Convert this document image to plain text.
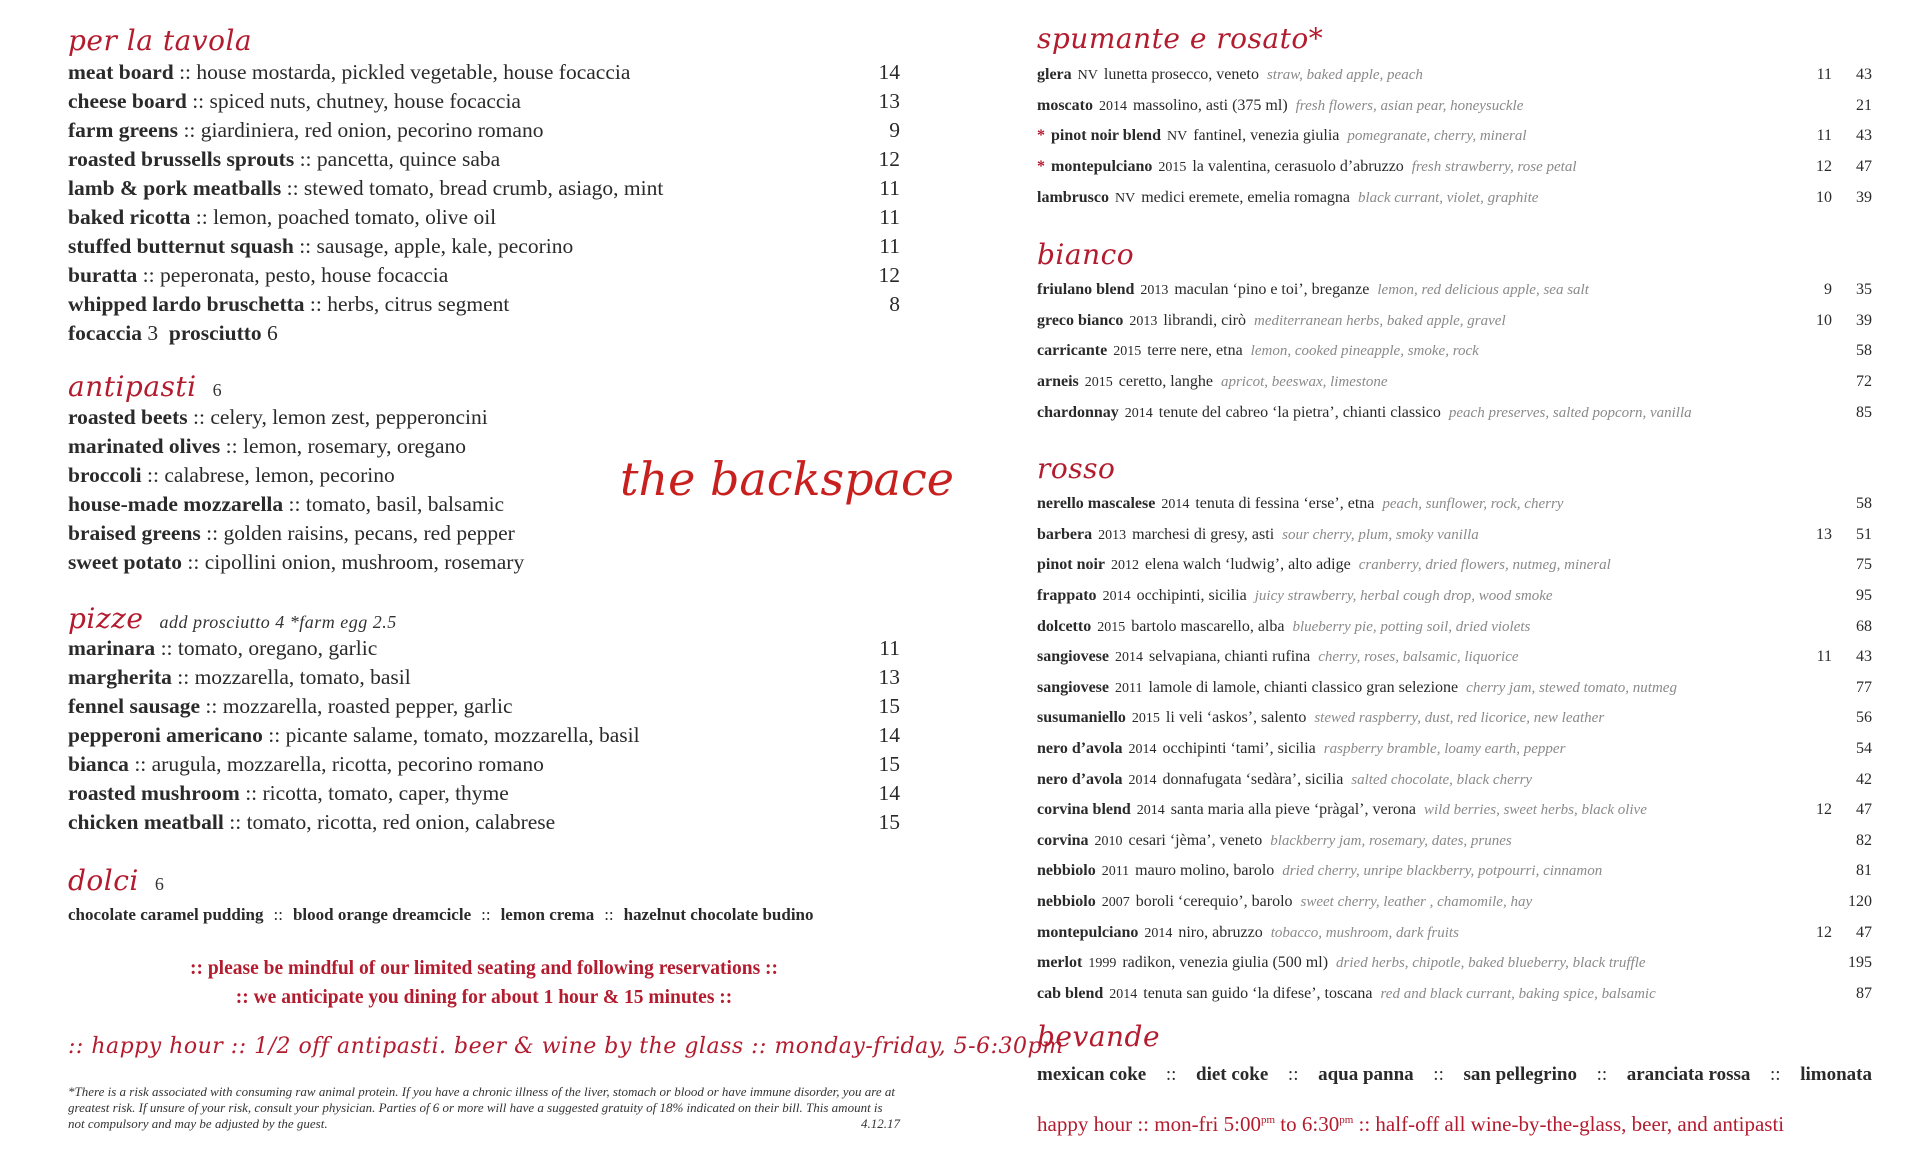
per la tavola
meat board :: house mostarda, pickled vegetable, house focaccia	14
cheese board :: spiced nuts, chutney, house focaccia	13
farm greens :: giardiniera, red onion, pecorino romano	9
roasted brussells sprouts :: pancetta, quince saba	12
lamb & pork meatballs :: stewed tomato, bread crumb, asiago, mint	11
baked ricotta :: lemon, poached tomato, olive oil	11
stuffed butternut squash :: sausage, apple, kale, pecorino	11
buratta :: peperonata, pesto, house focaccia	12
whipped lardo bruschetta :: herbs, citrus segment	8
focaccia 3 prosciutto 6
antipasti 6
roasted beets :: celery, lemon zest, pepperoncini
marinated olives :: lemon, rosemary, oregano
broccoli :: calabrese, lemon, pecorino
house-made mozzarella :: tomato, basil, balsamic
braised greens :: golden raisins, pecans, red pepper
sweet potato :: cipollini onion, mushroom, rosemary
pizze add prosciutto 4 *farm egg 2.5
marinara :: tomato, oregano, garlic	11
margherita :: mozzarella, tomato, basil	13
fennel sausage :: mozzarella, roasted pepper, garlic	15
pepperoni americano :: picante salame, tomato, mozzarella, basil	14
bianca :: arugula, mozzarella, ricotta, pecorino romano	15
roasted mushroom :: ricotta, tomato, caper, thyme	14
chicken meatball :: tomato, ricotta, red onion, calabrese	15
dolci 6
chocolate caramel pudding :: blood orange dreamcicle :: lemon crema :: hazelnut chocolate budino
the backspace
:: please be mindful of our limited seating and following reservations ::
:: we anticipate you dining for about 1 hour & 15 minutes ::
:: happy hour :: 1/2 off antipasti. beer & wine by the glass :: monday-friday, 5-6:30pm
*There is a risk associated with consuming raw animal protein. If you have a chronic illness of the liver, stomach or blood or have immune disorder, you are at greatest risk. If unsure of your risk, consult your physician. Parties of 6 or more will have a suggested gratuity of 18% indicated on their bill. This amount is not compulsory and may be adjusted by the guest.	4.12.17
spumante e rosato*
glera NV lunetta prosecco, veneto straw, baked apple, peach	11	43
moscato 2014 massolino, asti (375 ml) fresh flowers, asian pear, honeysuckle	21
* pinot noir blend NV fantinel, venezia giulia pomegranate, cherry, mineral	11	43
* montepulciano 2015 la valentina, cerasuolo d’abruzzo fresh strawberry, rose petal	12	47
lambrusco NV medici eremete, emelia romagna black currant, violet, graphite	10	39
bianco
friulano blend 2013 maculan ‘pino e toi’, breganze lemon, red delicious apple, sea salt	9	35
greco bianco 2013 librandi, cirò mediterranean herbs, baked apple, gravel	10	39
carricante 2015 terre nere, etna lemon, cooked pineapple, smoke, rock	58
arneis 2015 ceretto, langhe apricot, beeswax, limestone	72
chardonnay 2014 tenute del cabreo ‘la pietra’, chianti classico peach preserves, salted popcorn, vanilla	85
rosso
nerello mascalese 2014 tenuta di fessina ‘erse’, etna peach, sunflower, rock, cherry	58
barbera 2013 marchesi di gresy, asti sour cherry, plum, smoky vanilla	13	51
pinot noir 2012 elena walch ‘ludwig’, alto adige cranberry, dried flowers, nutmeg, mineral	75
frappato 2014 occhipinti, sicilia juicy strawberry, herbal cough drop, wood smoke	95
dolcetto 2015 bartolo mascarello, alba blueberry pie, potting soil, dried violets	68
sangiovese 2014 selvapiana, chianti rufina cherry, roses, balsamic, liquorice	11	43
sangiovese 2011 lamole di lamole, chianti classico gran selezione cherry jam, stewed tomato, nutmeg	77
susumaniello 2015 li veli ‘askos’, salento stewed raspberry, dust, red licorice, new leather	56
nero d’avola 2014 occhipinti ‘tami’, sicilia raspberry bramble, loamy earth, pepper	54
nero d’avola 2014 donnafugata ‘sedàra’, sicilia salted chocolate, black cherry	42
corvina blend 2014 santa maria alla pieve ‘pràgal’, verona wild berries, sweet herbs, black olive	12	47
corvina 2010 cesari ‘jèma’, veneto blackberry jam, rosemary, dates, prunes	82
nebbiolo 2011 mauro molino, barolo dried cherry, unripe blackberry, potpourri, cinnamon	81
nebbiolo 2007 boroli ‘cerequio’, barolo sweet cherry, leather , chamomile, hay	120
montepulciano 2014 niro, abruzzo tobacco, mushroom, dark fruits	12	47
merlot 1999 radikon, venezia giulia (500 ml) dried herbs, chipotle, baked blueberry, black truffle	195
cab blend 2014 tenuta san guido ‘la difese’, toscana red and black currant, baking spice, balsamic	87
bevande
mexican coke :: diet coke :: aqua panna :: san pellegrino :: aranciata rossa :: limonata
happy hour :: mon-fri $5:00^{pm}$ to $6:30^{pm}$ :: half-off all wine-by-the-glass, beer, and antipasti
